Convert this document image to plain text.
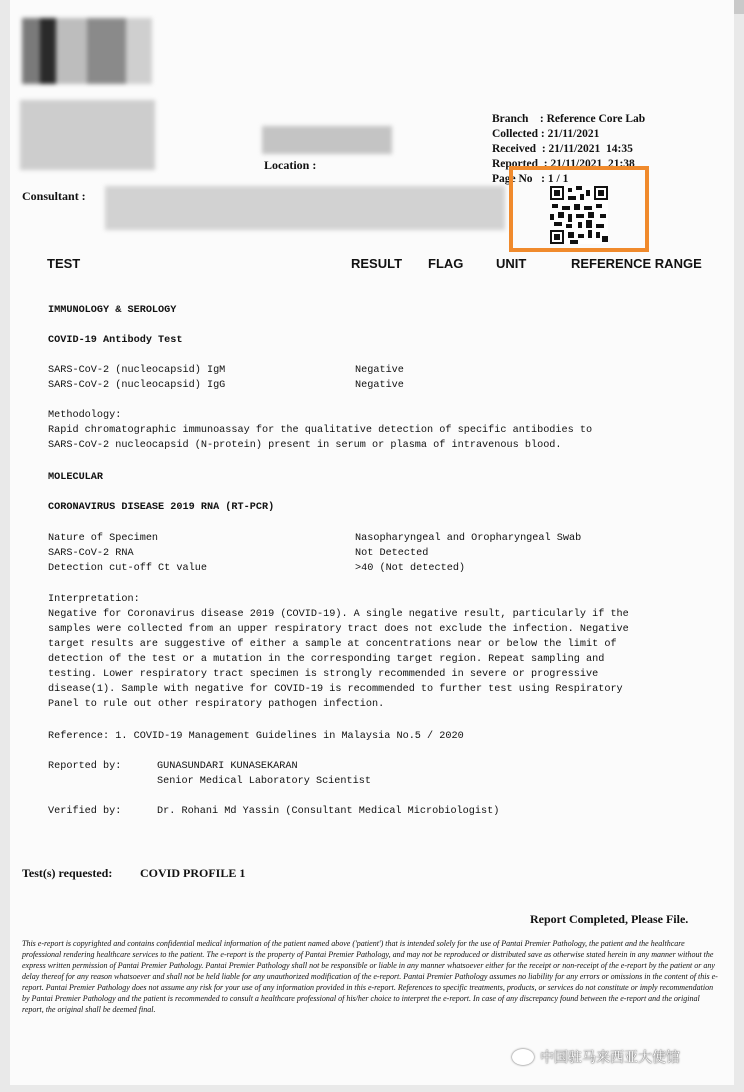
Location :
Consultant :
Branch    : Reference Core Lab
Collected : 21/11/2021
Received  : 21/11/2021  14:35
Reported  : 21/11/2021  21:38
Page No   : 1 / 1
TEST	RESULT FLAG	UNIT	REFERENCE RANGE
IMMUNOLOGY & SEROLOGY
COVID-19 Antibody Test
SARS-CoV-2 (nucleocapsid) IgM	Negative
SARS-CoV-2 (nucleocapsid) IgG	Negative
Methodology:
Rapid chromatographic immunoassay for the qualitative detection of specific antibodies to
SARS-CoV-2 nucleocapsid (N-protein) present in serum or plasma of intravenous blood.
MOLECULAR
CORONAVIRUS DISEASE 2019 RNA (RT-PCR)
Nature of Specimen	Nasopharyngeal and Oropharyngeal Swab
SARS-CoV-2 RNA	Not Detected
Detection cut-off Ct value	>40 (Not detected)
Interpretation:
Negative for Coronavirus disease 2019 (COVID-19). A single negative result, particularly if the
samples were collected from an upper respiratory tract does not exclude the infection. Negative
target results are suggestive of either a sample at concentrations near or below the limit of
detection of the test or a mutation in the corresponding target region. Repeat sampling and
testing. Lower respiratory tract specimen is strongly recommended in severe or progressive
disease(1). Sample with negative for COVID-19 is recommended to further test using Respiratory
Panel to rule out other respiratory pathogen infection.
Reference: 1. COVID-19 Management Guidelines in Malaysia No.5 / 2020
Reported by:	GUNASUNDARI KUNASEKARAN
Senior Medical Laboratory Scientist
Verified by:	Dr. Rohani Md Yassin (Consultant Medical Microbiologist)
Test(s) requested: COVID PROFILE 1
Report Completed, Please File.
This e-report is copyrighted and contains confidential medical information of the patient named above ('patient') that is intended solely for the use of Pantai Premier Pathology, the patient and the healthcare professional rendering healthcare services to the patient. The e-report is the property of Pantai Premier Pathology, and may not be reproduced or distributed save as otherwise stated herein in any manner without the express written permission of Pantai Premier Pathology. Pantai Premier Pathology shall not be responsible or liable in any manner whatsoever either for the receipt or non-receipt of the e-report by the patient or any delay thereof for any reason whatsoever and shall not be held liable for any unauthorized modification of the e-report. Pantai Premier Pathology assumes no liability for any errors or omissions in the content of this e-report. Pantai Premier Pathology does not assume any risk for your use of any information provided in this e-report. References to specific treatments, products, or services do not constitute or imply recommendation by Pantai Premier Pathology and the patient is recommended to consult a healthcare professional of his/her choice to interpret the e-report. In case of any discrepancy found between the e-report and the original report, the original shall be deemed final.
中国驻马来西亚大使馆
